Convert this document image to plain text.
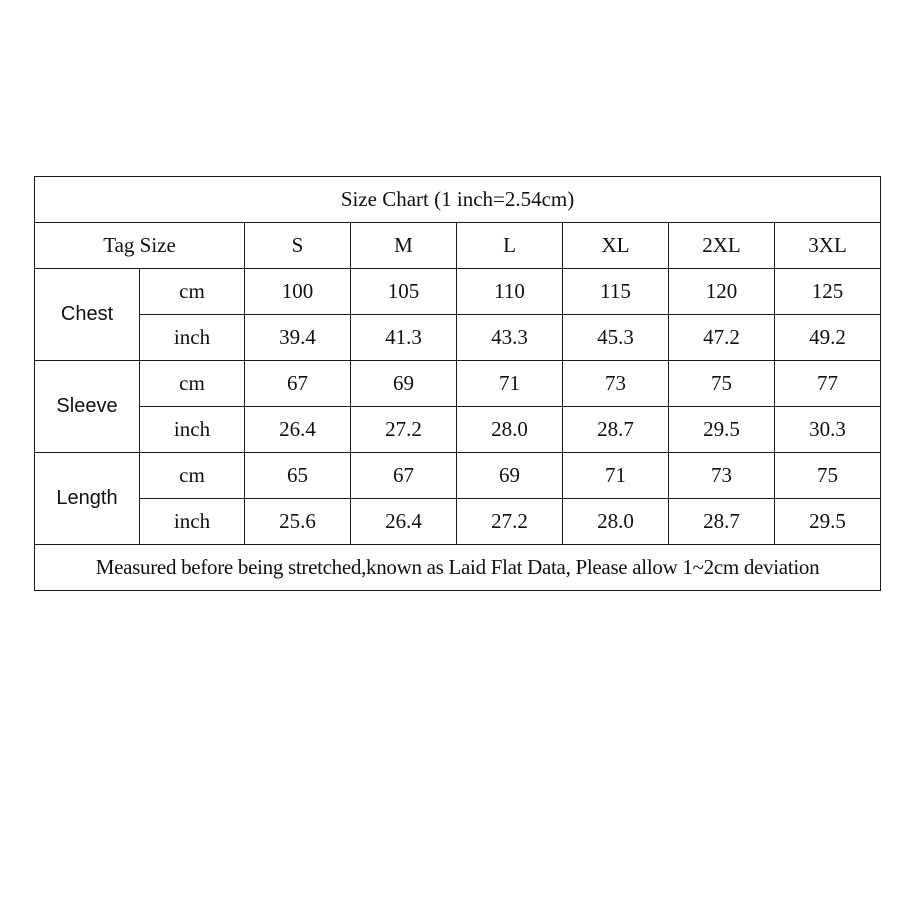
Size Chart (1 inch=2.54cm)							
Tag Size		S	M	L	XL	2XL	3XL
Chest	cm	100	105	110	115	120	125
	inch	39.4	41.3	43.3	45.3	47.2	49.2
Sleeve	cm	67	69	71	73	75	77
	inch	26.4	27.2	28.0	28.7	29.5	30.3
Length	cm	65	67	69	71	73	75
	inch	25.6	26.4	27.2	28.0	28.7	29.5
Measured before being stretched,known as Laid Flat Data, Please allow 1~2cm deviation							
